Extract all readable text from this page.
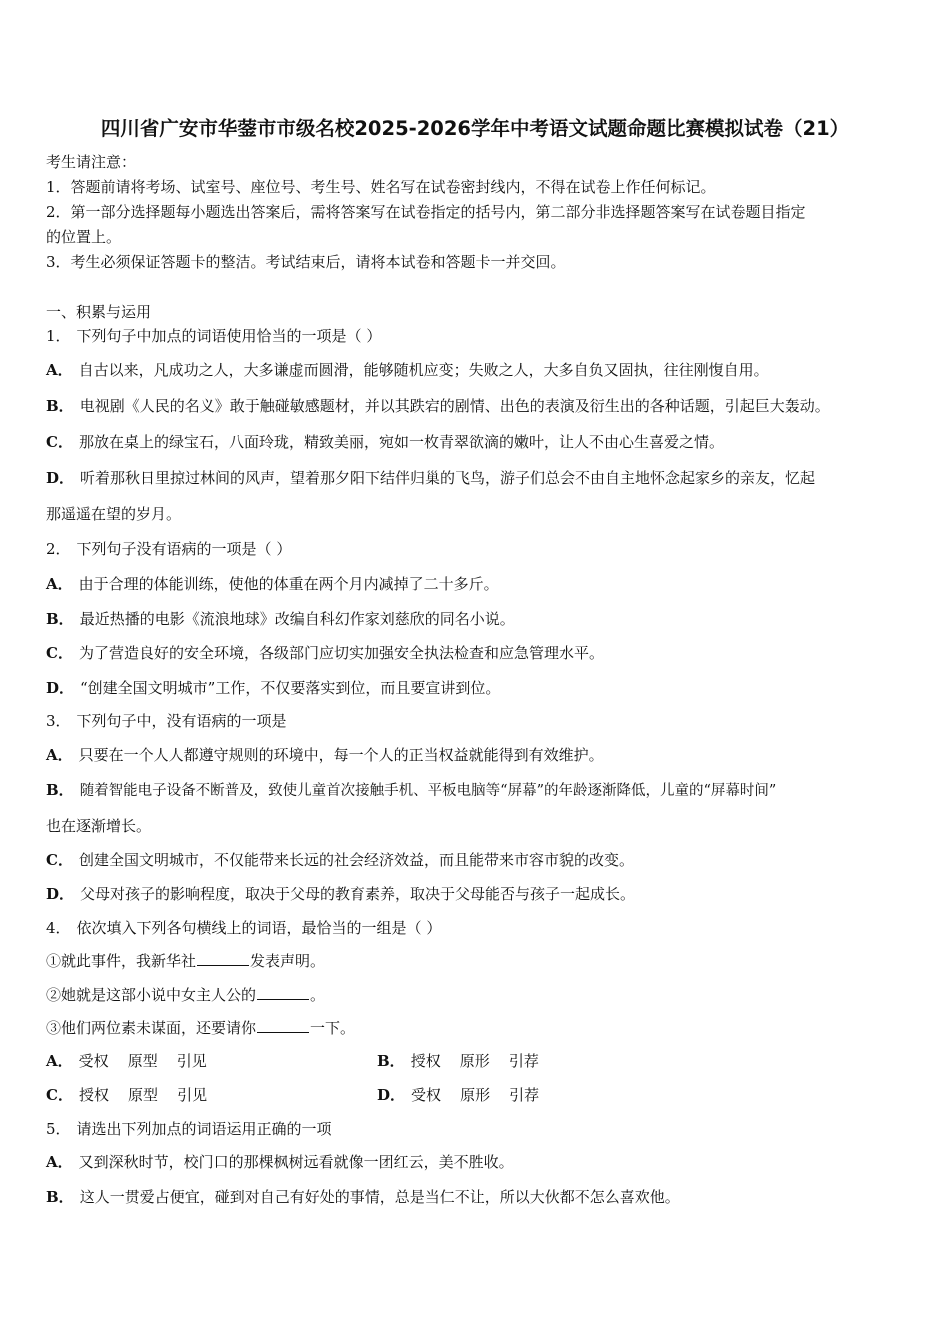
四川省广安市华蓥市市级名校2025-2026学年中考语文试题命题比赛模拟试卷（21）
考生请注意：
1．答题前请将考场、试室号、座位号、考生号、姓名写在试卷密封线内，不得在试卷上作任何标记。
2．第一部分选择题每小题选出答案后，需将答案写在试卷指定的括号内，第二部分非选择题答案写在试卷题目指定
的位置上。
3．考生必须保证答题卡的整洁。考试结束后，请将本试卷和答题卡一并交回。
一、积累与运用
1． 下列句子中加点的词语使用恰当的一项是（ ）
A． 自古以来，凡成功之人，大多谦虚而圆滑，能够随机应变；失败之人，大多自负又固执，往往刚愎自用。
B． 电视剧《人民的名义》敢于触碰敏感题材，并以其跌宕的剧情、出色的表演及衍生出的各种话题，引起巨大轰动。
C． 那放在桌上的绿宝石，八面玲珑，精致美丽，宛如一枚青翠欲滴的嫩叶，让人不由心生喜爱之情。
D． 听着那秋日里掠过林间的风声，望着那夕阳下结伴归巢的飞鸟，游子们总会不由自主地怀念起家乡的亲友，忆起
那遥遥在望的岁月。
2． 下列句子没有语病的一项是（ ）
A． 由于合理的体能训练，使他的体重在两个月内减掉了二十多斤。
B． 最近热播的电影《流浪地球》改编自科幻作家刘慈欣的同名小说。
C． 为了营造良好的安全环境，各级部门应切实加强安全执法检查和应急管理水平。
D． “创建全国文明城市”工作，不仅要落实到位，而且要宣讲到位。
3． 下列句子中，没有语病的一项是
A． 只要在一个人人都遵守规则的环境中，每一个人的正当权益就能得到有效维护。
B． 随着智能电子设备不断普及，致使儿童首次接触手机、平板电脑等“屏幕”的年龄逐渐降低，儿童的“屏幕时间”
也在逐渐增长。
C． 创建全国文明城市，不仅能带来长远的社会经济效益，而且能带来市容市貌的改变。
D． 父母对孩子的影响程度，取决于父母的教育素养，取决于父母能否与孩子一起成长。
4． 依次填入下列各句横线上的词语，最恰当的一组是（ ）
①就此事件，我新华社	发表声明。
②她就是这部小说中女主人公的	。
③他们两位素未谋面，还要请你	一下。
A． 受权    原型    引见	B． 授权    原形    引荐
C． 授权    原型    引见	D． 受权    原形    引荐
5． 请选出下列加点的词语运用正确的一项
A． 又到深秋时节，校门口的那棵枫树远看就像一团红云，美不胜收。
B． 这人一贯爱占便宜，碰到对自己有好处的事情，总是当仁不让，所以大伙都不怎么喜欢他。
